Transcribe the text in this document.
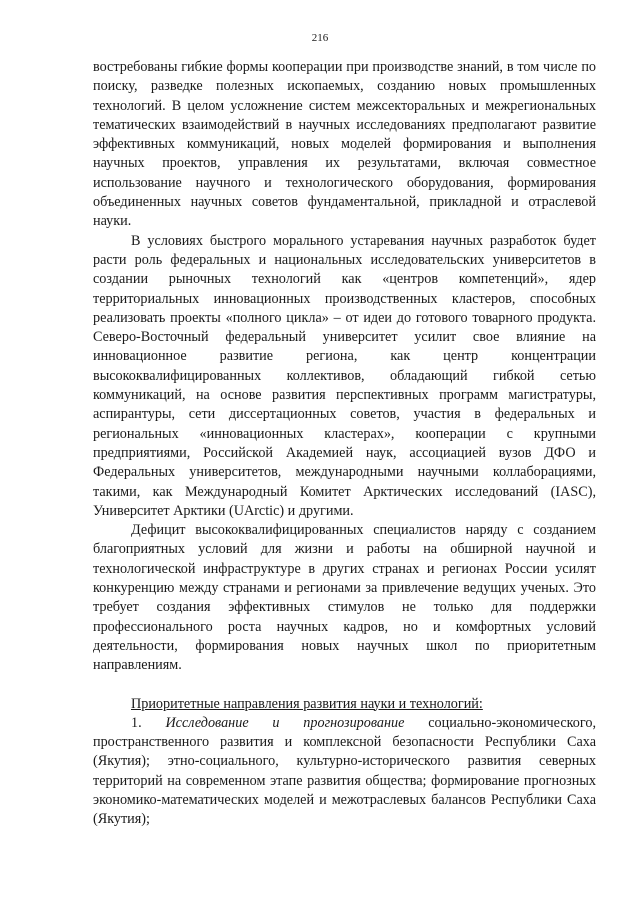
216

востребованы гибкие формы кооперации при производстве знаний, в том числе по поиску, разведке полезных ископаемых, созданию новых промышленных технологий. В целом усложнение систем межсекторальных и межрегиональных тематических взаимодействий в научных исследованиях предполагают развитие эффективных коммуникаций, новых моделей формирования и выполнения научных проектов, управления их результатами, включая совместное использование научного и технологического оборудования, формирования объединенных научных советов фундаментальной, прикладной и отраслевой науки.

В условиях быстрого морального устаревания научных разработок будет расти роль федеральных и национальных исследовательских университетов в создании рыночных технологий как «центров компетенций», ядер территориальных инновационных производственных кластеров, способных реализовать проекты «полного цикла» – от идеи до готового товарного продукта. Северо-Восточный федеральный университет усилит свое влияние на инновационное развитие региона, как центр концентрации высококвалифицированных коллективов, обладающий гибкой сетью коммуникаций, на основе развития перспективных программ магистратуры, аспирантуры, сети диссертационных советов, участия в федеральных и региональных «инновационных кластерах», кооперации с крупными предприятиями, Российской Академией наук, ассоциацией вузов ДФО и Федеральных университетов, международными научными коллаборациями, такими, как Международный Комитет Арктических исследований (IASC), Университет Арктики (UArctic) и другими.

Дефицит высококвалифицированных специалистов наряду с созданием благоприятных условий для жизни и работы на обширной научной и технологической инфраструктуре в других странах и регионах России усилят конкуренцию между странами и регионами за привлечение ведущих ученых. Это требует создания эффективных стимулов не только для поддержки профессионального роста научных кадров, но и комфортных условий деятельности, формирования новых научных школ по приоритетным направлениям.

Приоритетные направления развития науки и технологий:

1. Исследование и прогнозирование социально-экономического, пространственного развития и комплексной безопасности Республики Саха (Якутия); этно-социального, культурно-исторического развития северных территорий на современном этапе развития общества; формирование прогнозных экономико-математических моделей и межотраслевых балансов Республики Саха (Якутия);
